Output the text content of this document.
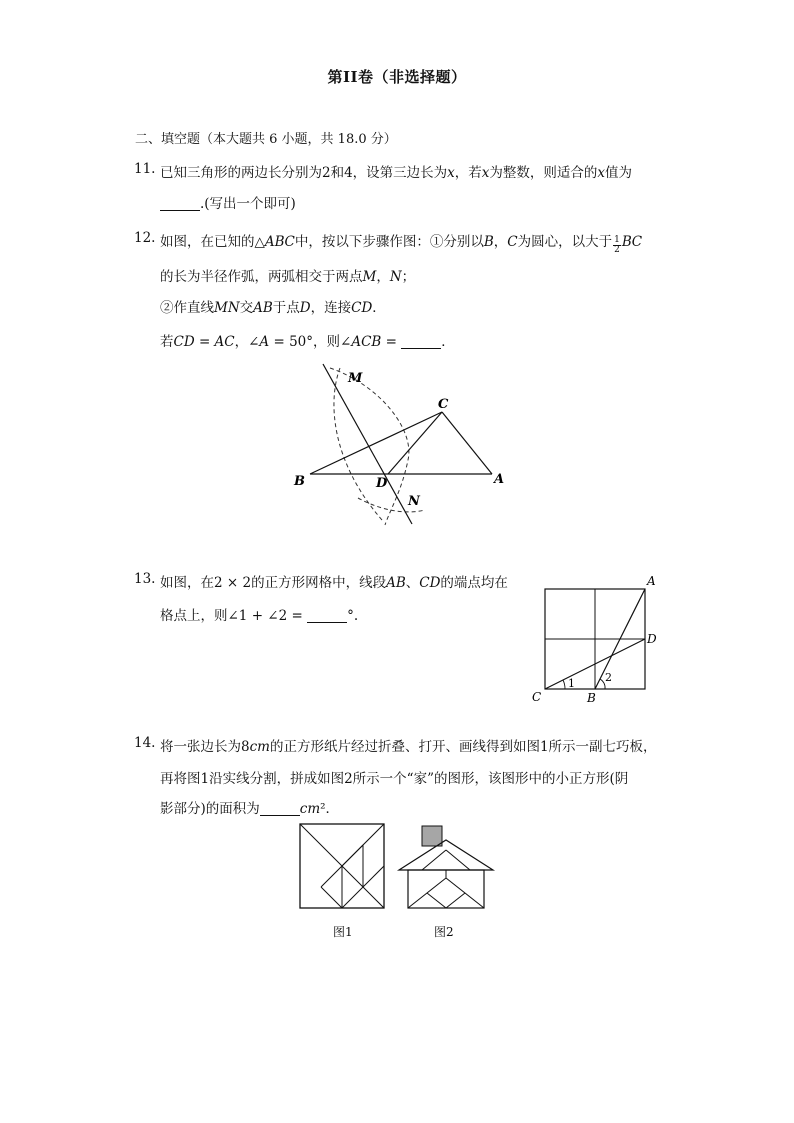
第II卷（非选择题）
二、填空题（本大题共 6 小题，共 18.0 分）
11. 已知三角形的两边长分别为2和4，设第三边长为𝑥，若𝑥为整数，则适合的𝑥值为
.(写出一个即可)
12. 如图，在已知的△𝐴𝐵𝐶中，按以下步骤作图：①分别以𝐵，𝐶为圆心，以大于 $\frac{1}{2}$ 𝐵𝐶
的长为半径作弧，两弧相交于两点𝑀，𝑁；
②作直线𝑀𝑁交𝐴𝐵于点𝐷，连接𝐶𝐷．
若𝐶𝐷 = 𝐴𝐶，∠𝐴 = 50°，则∠𝐴𝐶𝐵 =	．
M
C
B	D	A
N
13. 如图，在2 × 2的正方形网格中，线段𝐴𝐵、𝐶𝐷的端点均在
格点上，则∠1 + ∠2 =	°.
A
D
C	B
1	2
14. 将一张边长为8𝑐𝑚的正方形纸片经过折叠、打开、画线得到如图1所示一副七巧板，
再将图1沿实线分割，拼成如图2所示一个“家”的图形，该图形中的小正方形(阴
影部分)的面积为	𝑐𝑚²．
图1	图2
